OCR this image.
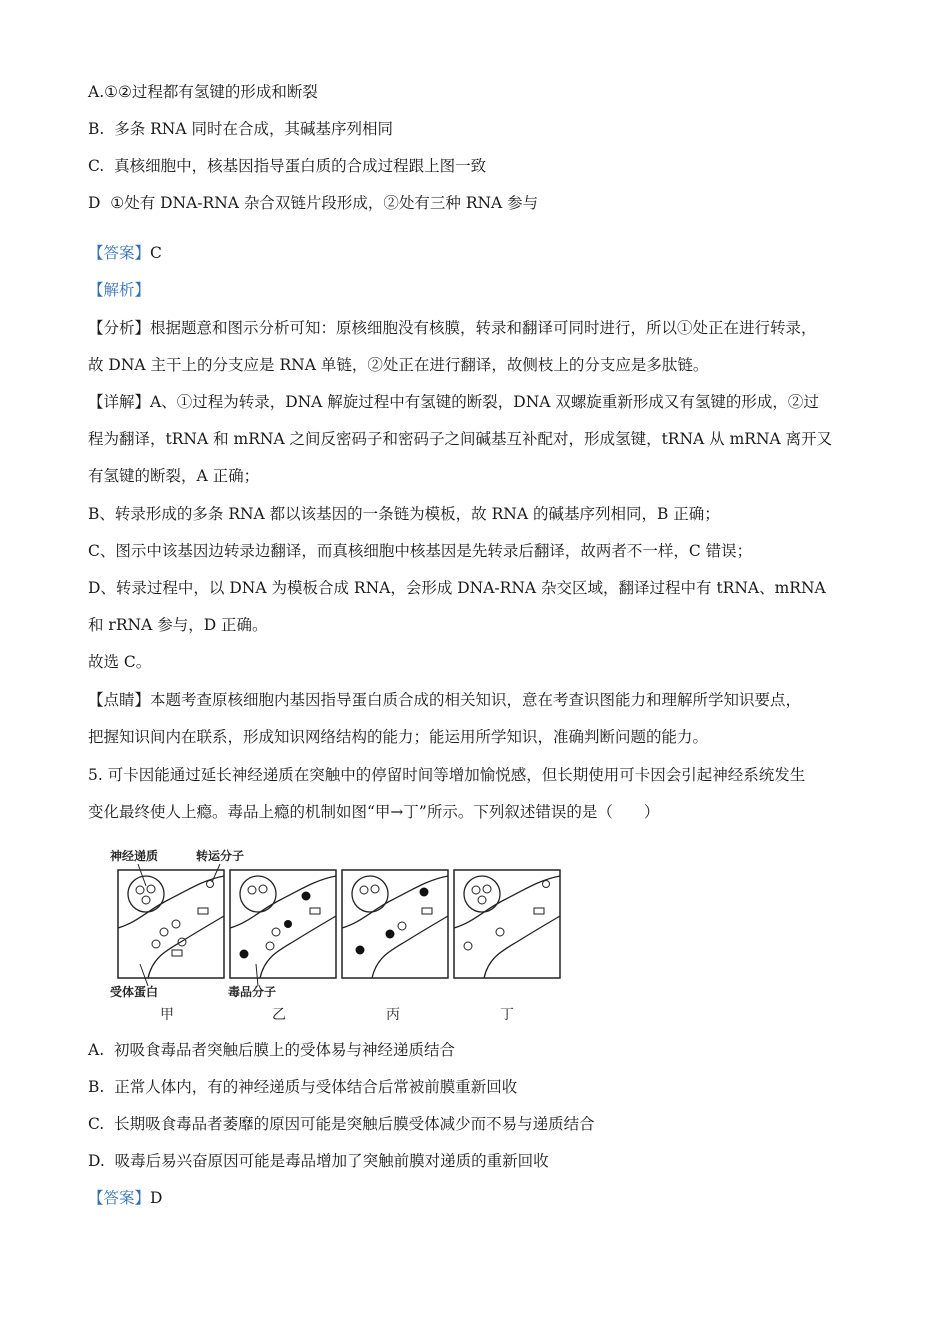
A.①②过程都有氢键的形成和断裂
B. 多条 RNA 同时在合成，其碱基序列相同
C. 真核细胞中，核基因指导蛋白质的合成过程跟上图一致
D ①处有 DNA-RNA 杂合双链片段形成，②处有三种 RNA 参与
【答案】C
【解析】
【分析】根据题意和图示分析可知：原核细胞没有核膜，转录和翻译可同时进行，所以①处正在进行转录，
故 DNA 主干上的分支应是 RNA 单链，②处正在进行翻译，故侧枝上的分支应是多肽链。
【详解】A、①过程为转录，DNA 解旋过程中有氢键的断裂，DNA 双螺旋重新形成又有氢键的形成，②过
程为翻译，tRNA 和 mRNA 之间反密码子和密码子之间碱基互补配对，形成氢键，tRNA 从 mRNA 离开又
有氢键的断裂，A 正确；
B、转录形成的多条 RNA 都以该基因的一条链为模板，故 RNA 的碱基序列相同，B 正确；
C、图示中该基因边转录边翻译，而真核细胞中核基因是先转录后翻译，故两者不一样，C 错误；
D、转录过程中，以 DNA 为模板合成 RNA，会形成 DNA-RNA 杂交区域，翻译过程中有 tRNA、mRNA
和 rRNA 参与，D 正确。
故选 C。
【点睛】本题考查原核细胞内基因指导蛋白质合成的相关知识，意在考查识图能力和理解所学知识要点，
把握知识间内在联系，形成知识网络结构的能力；能运用所学知识，准确判断问题的能力。
5. 可卡因能通过延长神经递质在突触中的停留时间等增加愉悦感，但长期使用可卡因会引起神经系统发生
变化最终使人上瘾。毒品上瘾的机制如图“甲→丁”所示。下列叙述错误的是（　　）
神经递质	转运分子
受体蛋白	毒品分子
甲	乙	丙	丁
A. 初吸食毒品者突触后膜上的受体易与神经递质结合
B. 正常人体内，有的神经递质与受体结合后常被前膜重新回收
C. 长期吸食毒品者萎靡的原因可能是突触后膜受体减少而不易与递质结合
D. 吸毒后易兴奋原因可能是毒品增加了突触前膜对递质的重新回收
【答案】D
